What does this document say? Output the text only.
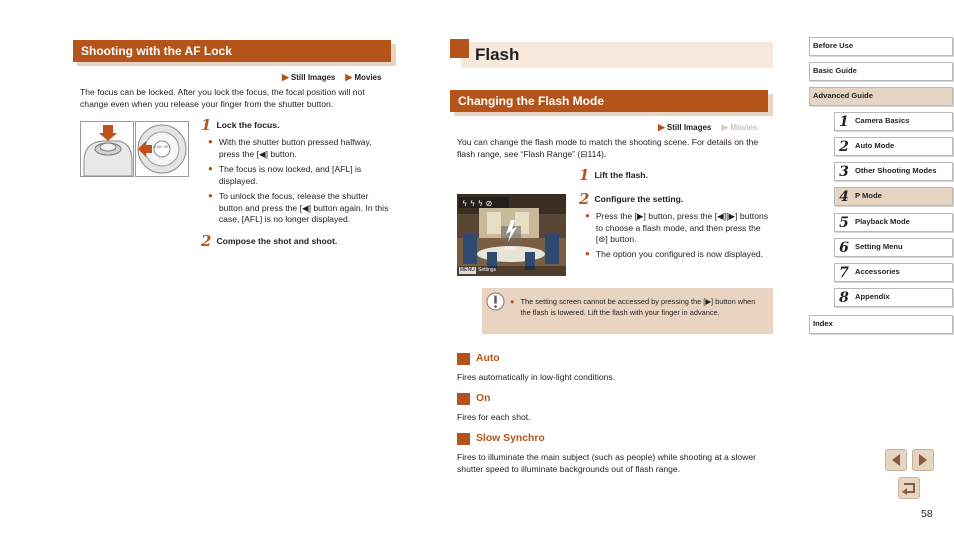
Shooting with the AF Lock
▶ Still Images ▶ Movies
The focus can be locked. After you lock the focus, the focal position will not change even when you release your finger from the shutter button.
FUNC SET
1 Lock the focus.
● With the shutter button pressed halfway, press the [◀] button.
● The focus is now locked, and [AFL] is displayed.
● To unlock the focus, release the shutter button and press the [◀] button again. In this case, [AFL] is no longer displayed.
2 Compose the shot and shoot.
Flash
Changing the Flash Mode
▶ Still Images ▶ Movies
You can change the flash mode to match the shooting scene. For details on the flash range, see “Flash Range” (⊟114).
ϟ ϟ ϟ ⊘
Auto
MENU Settings
1 Lift the flash.
2 Configure the setting.
● Press the [▶] button, press the [◀][▶] buttons to choose a flash mode, and then press the [⊚] button.
● The option you configured is now displayed.
● The setting screen cannot be accessed by pressing the [▶] button when the flash is lowered. Lift the flash with your finger in advance.
Auto
Fires automatically in low-light conditions.
On
Fires for each shot.
Slow Synchro
Fires to illuminate the main subject (such as people) while shooting at a slower shutter speed to illuminate backgrounds out of flash range.
Before Use
Basic Guide
Advanced Guide
1 Camera Basics
2 Auto Mode
3 Other Shooting Modes
4 P Mode
5 Playback Mode
6 Setting Menu
7 Accessories
8 Appendix
Index
58
